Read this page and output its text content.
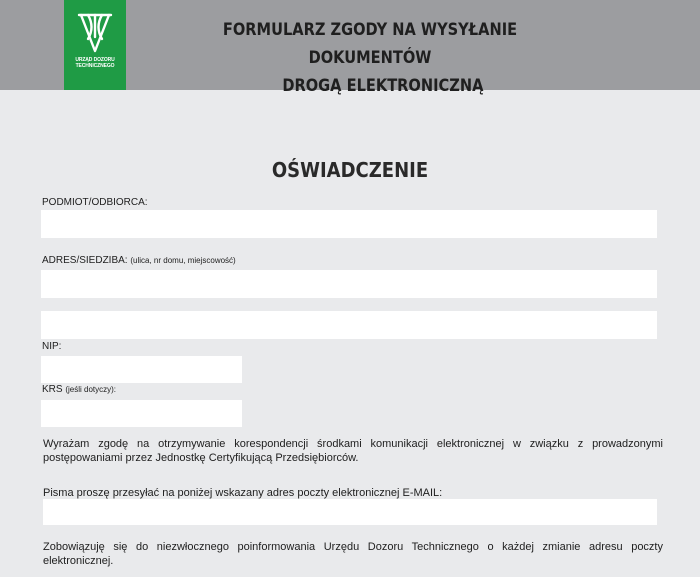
URZĄD DOZORU
TECHNICZNEGO
FORMULARZ ZGODY NA WYSYŁANIE DOKUMENTÓW
DROGĄ ELEKTRONICZNĄ
OŚWIADCZENIE
PODMIOT/ODBIORCA:
ADRES/SIEDZIBA: (ulica, nr domu, miejscowość)
NIP:
KRS (jeśli dotyczy):
Wyrażam zgodę na otrzymywanie korespondencji środkami komunikacji elektronicznej w związku z prowadzonymi postępowaniami przez Jednostkę Certyfikującą Przedsiębiorców.
Pisma proszę przesyłać na poniżej wskazany adres poczty elektronicznej E-MAIL:
Zobowiązuję się do niezwłocznego poinformowania Urzędu Dozoru Technicznego o każdej zmianie adresu poczty elektronicznej.
